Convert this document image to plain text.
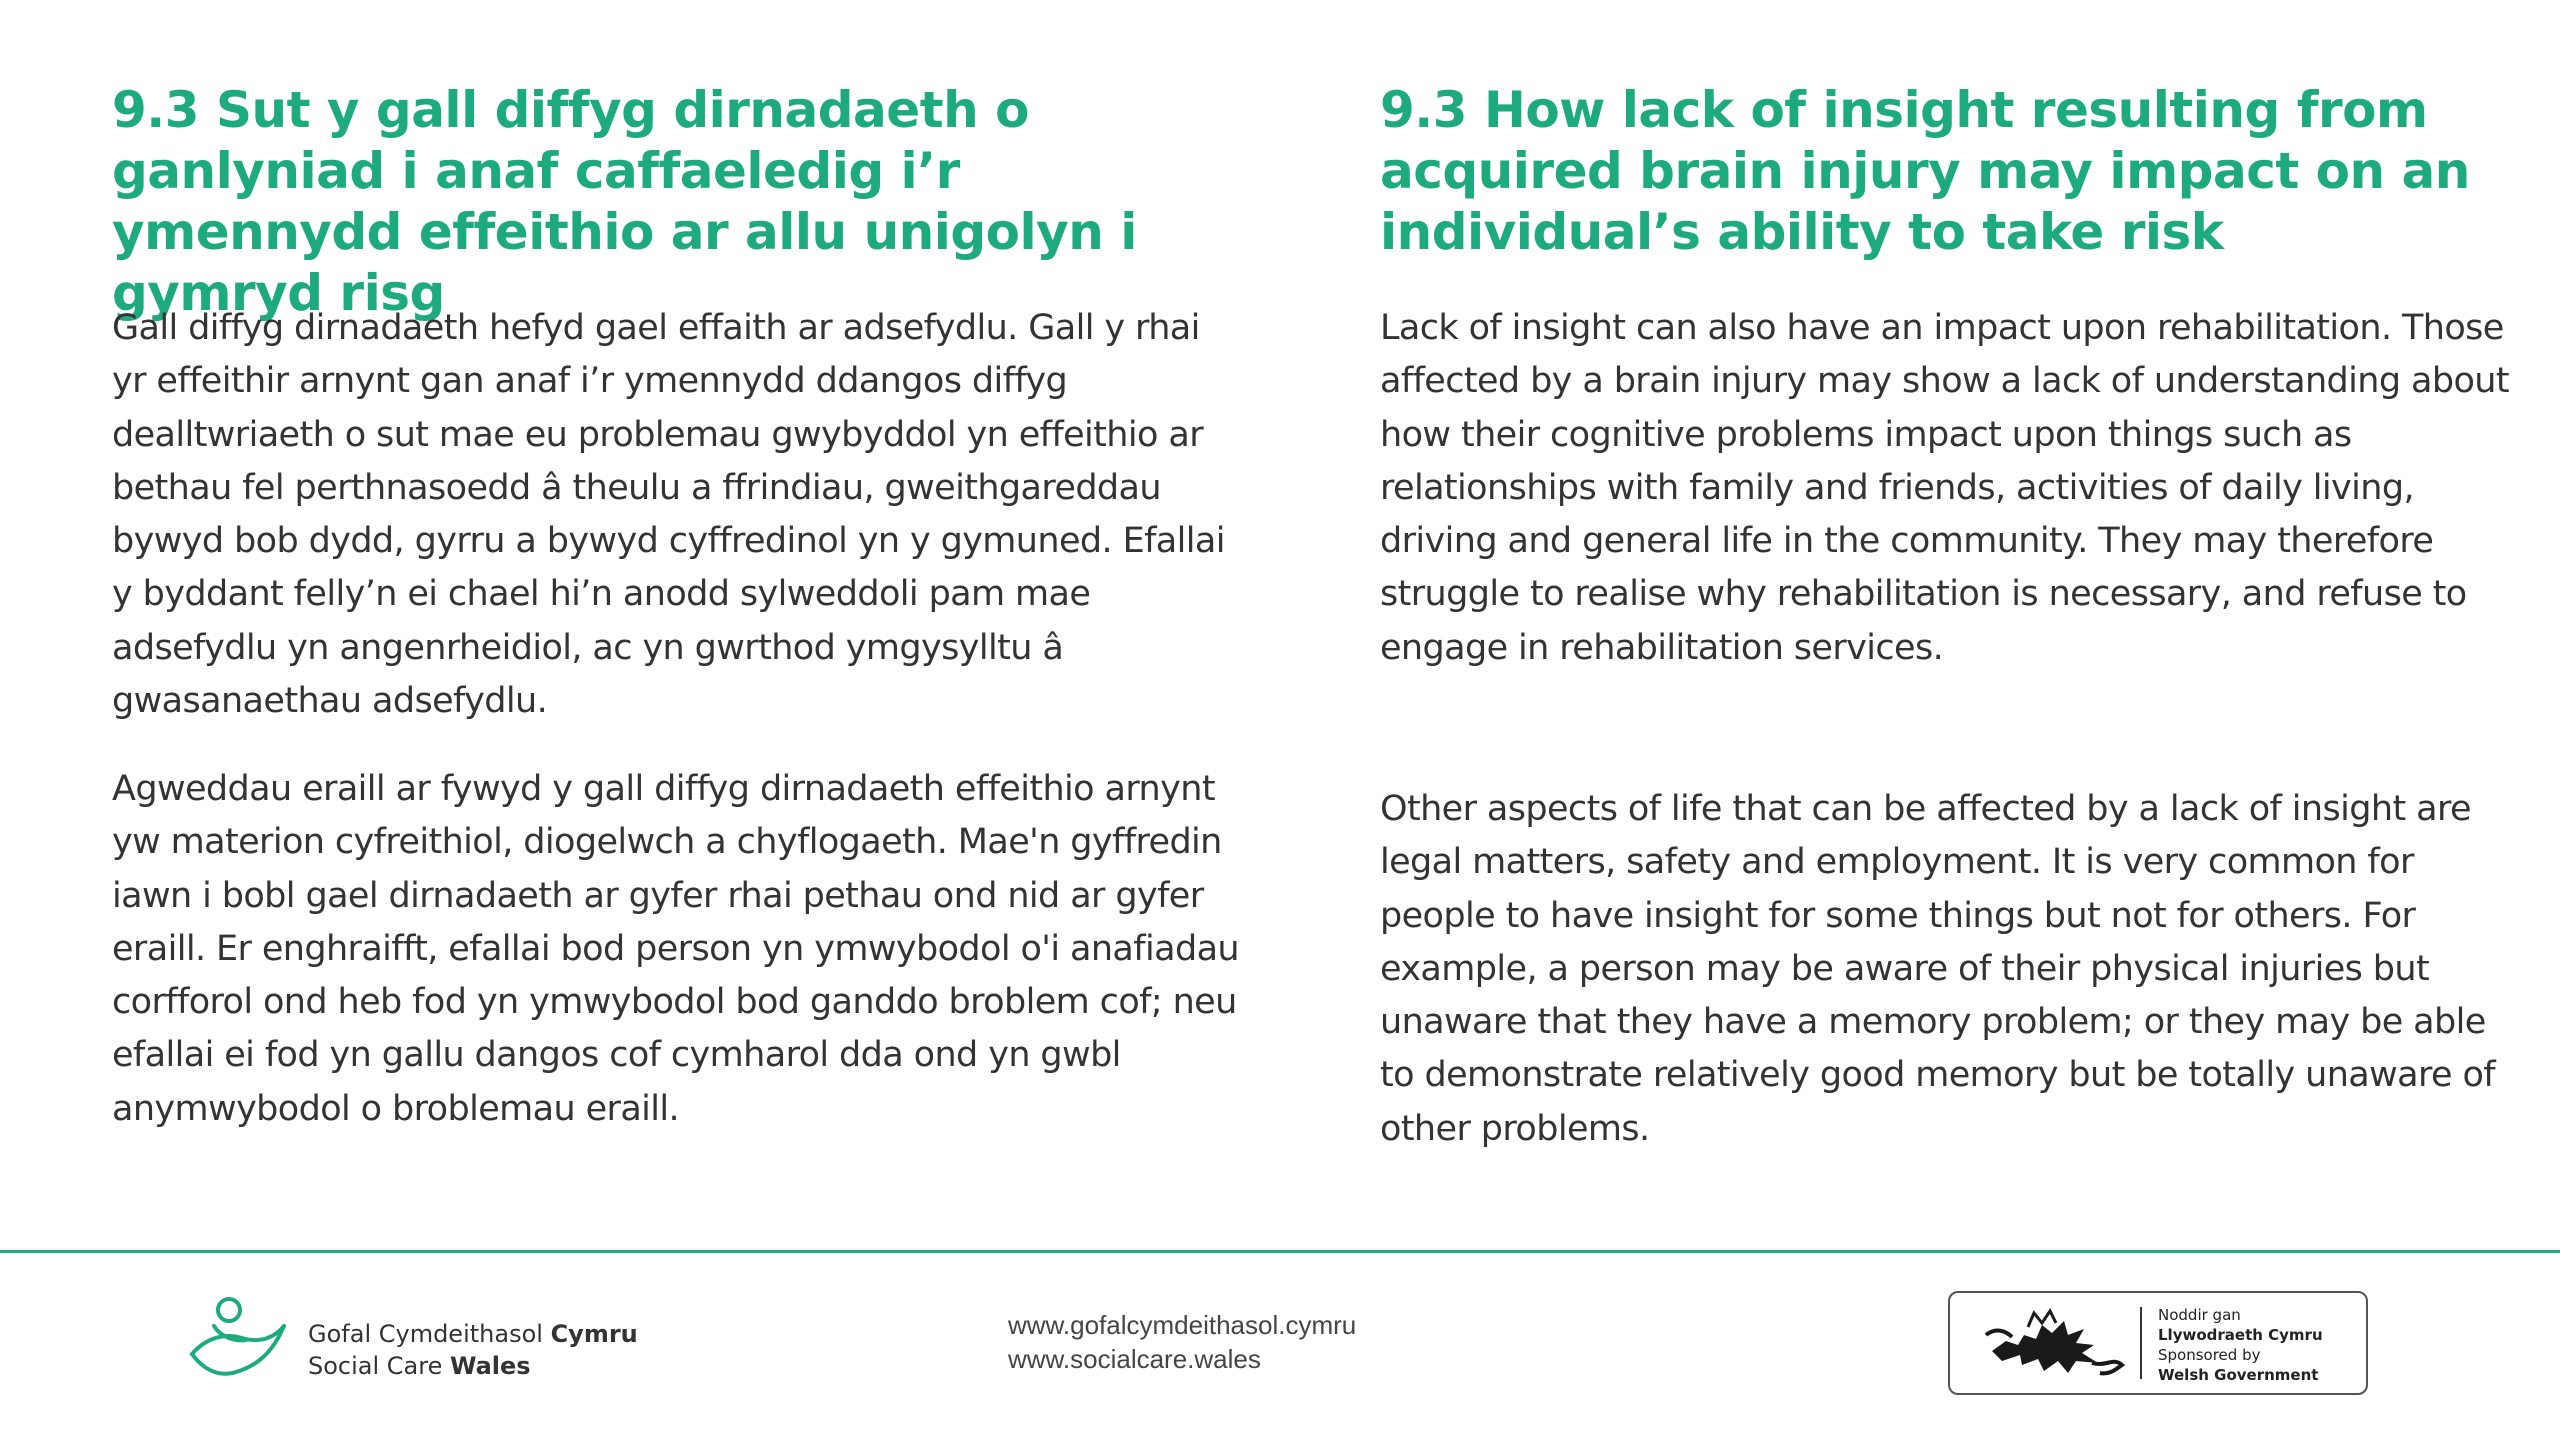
9.3 Sut y gall diffyg dirnadaeth o ganlyniad i anaf caffaeledig i’r ymennydd effeithio ar allu unigolyn i gymryd risg

Gall diffyg dirnadaeth hefyd gael effaith ar adsefydlu. Gall y rhai yr effeithir arnynt gan anaf i’r ymennydd ddangos diffyg dealltwriaeth o sut mae eu problemau gwybyddol yn effeithio ar bethau fel perthnasoedd â theulu a ffrindiau, gweithgareddau bywyd bob dydd, gyrru a bywyd cyffredinol yn y gymuned. Efallai y byddant felly’n ei chael hi’n anodd sylweddoli pam mae adsefydlu yn angenrheidiol, ac yn gwrthod ymgysylltu â gwasanaethau adsefydlu.

Agweddau eraill ar fywyd y gall diffyg dirnadaeth effeithio arnynt yw materion cyfreithiol, diogelwch a chyflogaeth. Mae'n gyffredin iawn i bobl gael dirnadaeth ar gyfer rhai pethau ond nid ar gyfer eraill. Er enghraifft, efallai bod person yn ymwybodol o'i anafiadau corfforol ond heb fod yn ymwybodol bod ganddo broblem cof; neu efallai ei fod yn gallu dangos cof cymharol dda ond yn gwbl anymwybodol o broblemau eraill.

9.3 How lack of insight resulting from acquired brain injury may impact on an individual’s ability to take risk

Lack of insight can also have an impact upon rehabilitation. Those affected by a brain injury may show a lack of understanding about how their cognitive problems impact upon things such as relationships with family and friends, activities of daily living, driving and general life in the community. They may therefore struggle to realise why rehabilitation is necessary, and refuse to engage in rehabilitation services.

Other aspects of life that can be affected by a lack of insight are legal matters, safety and employment. It is very common for people to have insight for some things but not for others. For example, a person may be aware of their physical injuries but unaware that they have a memory problem; or they may be able to demonstrate relatively good memory but be totally unaware of other problems.

Gofal Cymdeithasol Cymru
Social Care Wales
www.gofalcymdeithasol.cymru
www.socialcare.wales
Noddir gan
Llywodraeth Cymru
Sponsored by
Welsh Government
